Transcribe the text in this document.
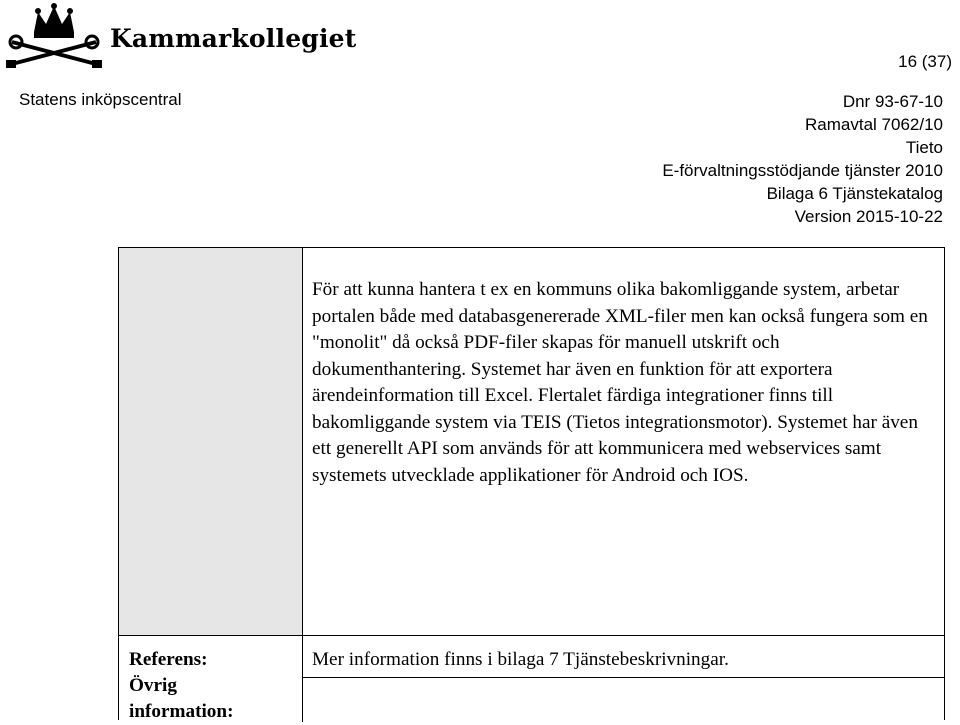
Kammarkollegiet
16 (37)
Statens inköpscentral	Dnr 93-67-10
Ramavtal 7062/10
Tieto
E-förvaltningsstödjande tjänster 2010
Bilaga 6 Tjänstekatalog
Version 2015-10-22

För att kunna hantera t ex en kommuns olika bakomliggande system, arbetar portalen både med databasgenererade XML-filer men kan också fungera som en "monolit" då också PDF-filer skapas för manuell utskrift och dokumenthantering. Systemet har även en funktion för att exportera ärendeinformation till Excel. Flertalet färdiga integrationer finns till bakomliggande system via TEIS (Tietos integrationsmotor). Systemet har även ett generellt API som används för att kommunicera med webservices samt systemets utvecklade applikationer för Android och IOS.

Referens:
Övrig
information:
Mer information finns i bilaga 7 Tjänstebeskrivningar.
